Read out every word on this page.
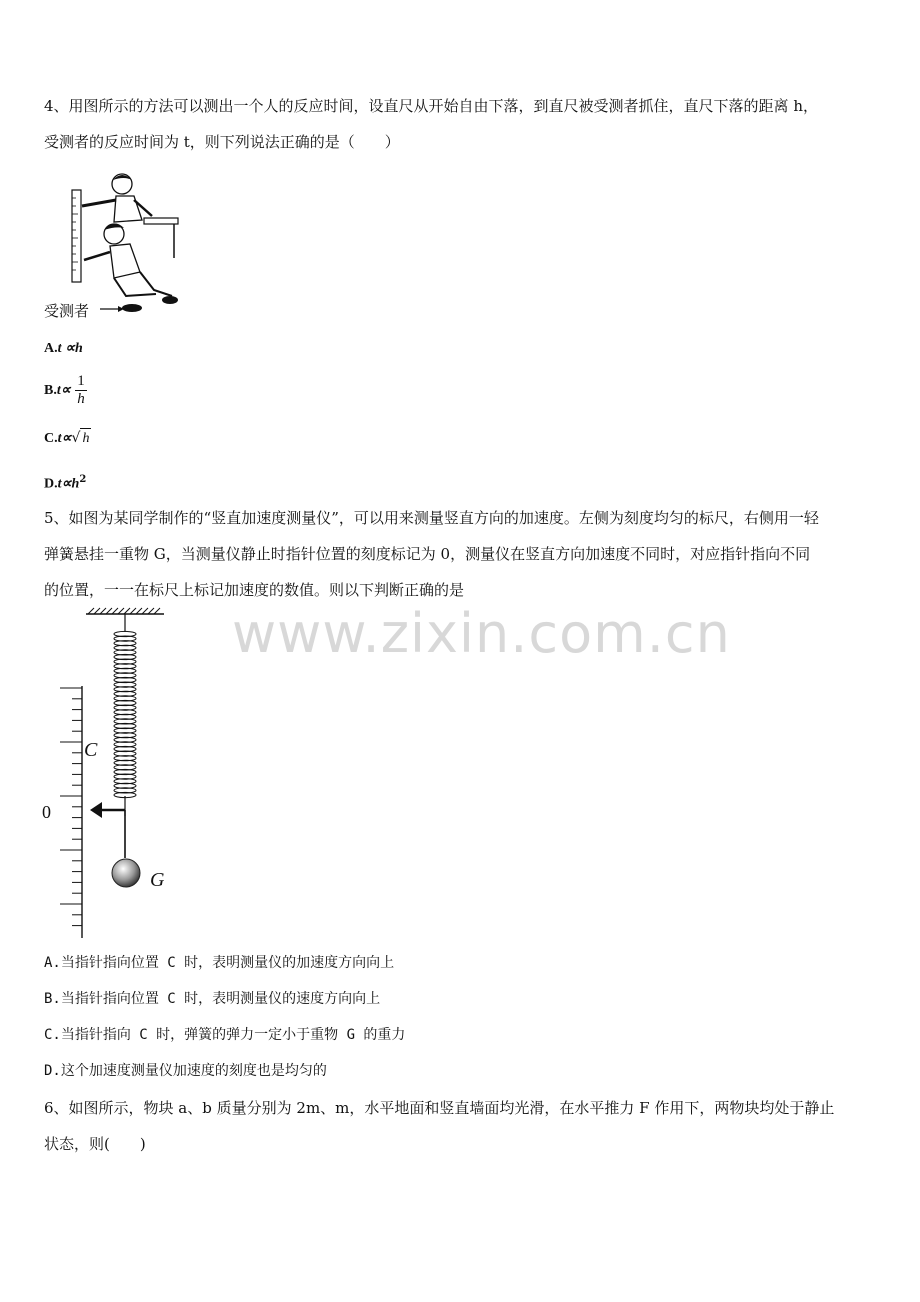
4、用图所示的方法可以测出一个人的反应时间，设直尺从开始自由下落，到直尺被受测者抓住，直尺下落的距离 h，
受测者的反应时间为 t，则下列说法正确的是（　　）
受测者
A.t ∝h
$B.t\propto \frac{1}{h}$
C.t∝√ h
$D.t\propto h^2$
5、如图为某同学制作的“竖直加速度测量仪”，可以用来测量竖直方向的加速度。左侧为刻度均匀的标尺，右侧用一轻
弹簧悬挂一重物 G，当测量仪静止时指针位置的刻度标记为 0，测量仪在竖直方向加速度不同时，对应指针指向不同
的位置，一一在标尺上标记加速度的数值。则以下判断正确的是
www.zixin.com.cn
C
0
G
A.当指针指向位置 C 时，表明测量仪的加速度方向向上
B.当指针指向位置 C 时，表明测量仪的速度方向向上
C.当指针指向 C 时，弹簧的弹力一定小于重物 G 的重力
D.这个加速度测量仪加速度的刻度也是均匀的
6、如图所示，物块 a、b 质量分别为 2m、m，水平地面和竖直墙面均光滑，在水平推力 F 作用下，两物块均处于静止
状态，则(　　)
